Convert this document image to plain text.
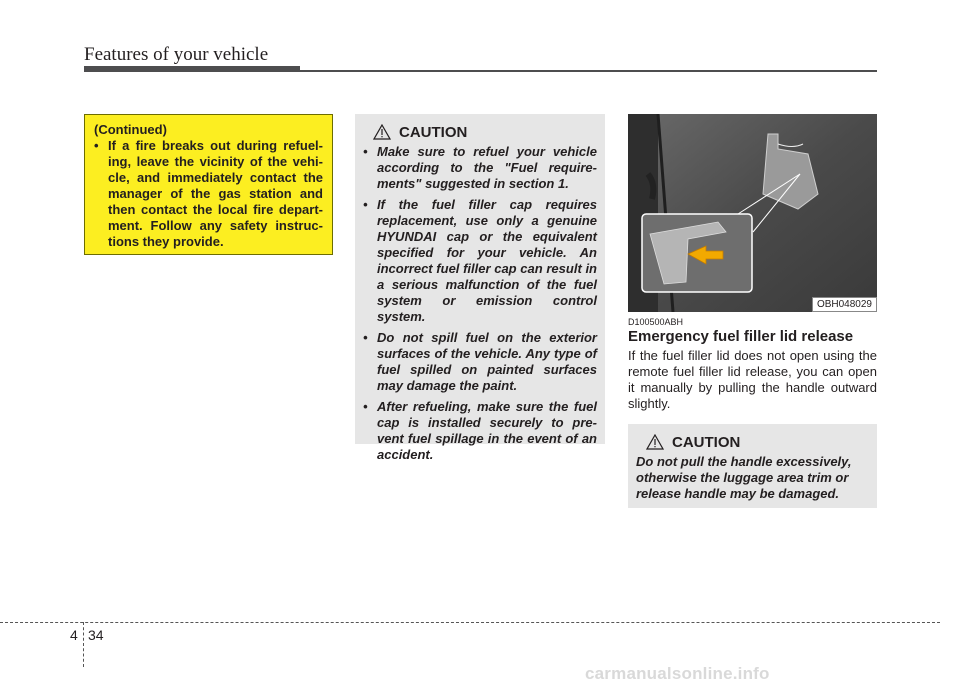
Features of your vehicle
(Continued)
• If a fire breaks out during refuel-ing, leave the vicinity of the vehi-cle, and immediately contact the manager of the gas station and then contact the local fire depart-ment. Follow any safety instruc-tions they provide.
CAUTION
• Make sure to refuel your vehicle according to the "Fuel require-ments" suggested in section 1.
• If the fuel filler cap requires replacement, use only a genuine HYUNDAI cap or the equivalent specified for your vehicle. An incorrect fuel filler cap can result in a serious malfunction of the fuel system or emission control system.
• Do not spill fuel on the exterior surfaces of the vehicle. Any type of fuel spilled on painted surfaces may damage the paint.
• After refueling, make sure the fuel cap is installed securely to pre-vent fuel spillage in the event of an accident.
OBH048029
D100500ABH
Emergency fuel filler lid release
If the fuel filler lid does not open using the remote fuel filler lid release, you can open it manually by pulling the handle outward slightly.
CAUTION
Do not pull the handle excessively, otherwise the luggage area trim or release handle may be damaged.
4 34
carmanualsonline.info
